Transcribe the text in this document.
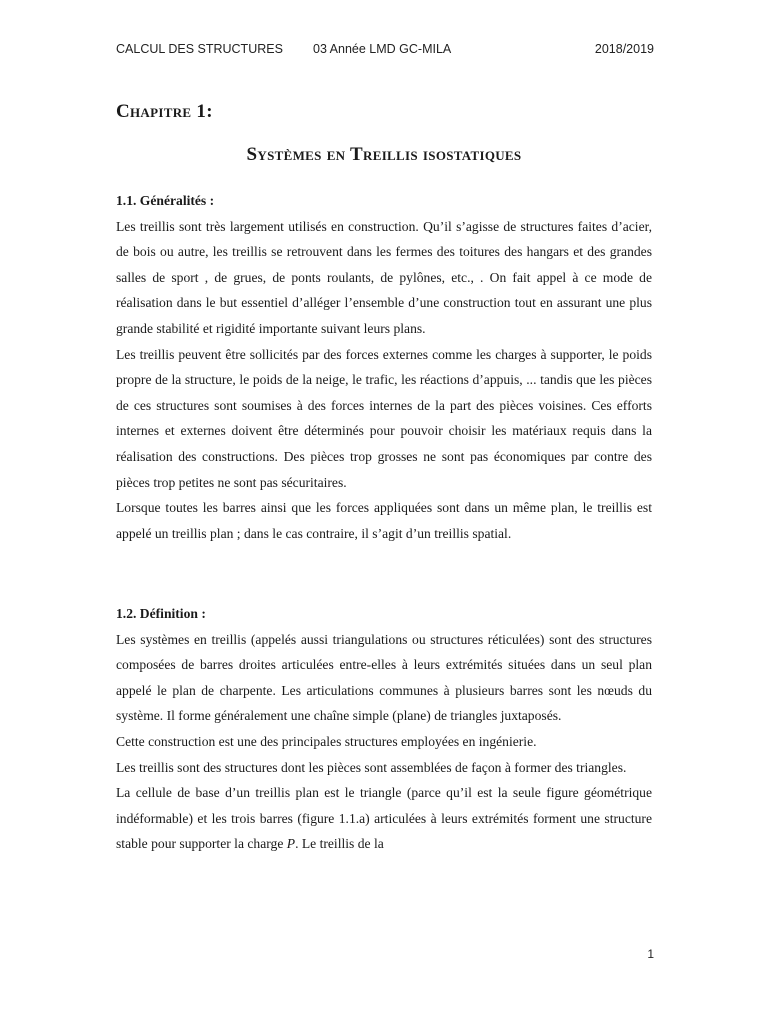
CALCUL DES STRUCTURES 03 Année LMD GC-MILA	2018/2019
Chapitre 1:
Systèmes en Treillis isostatiques
1.1. Généralités :

Les treillis sont très largement utilisés en construction. Qu’il s’agisse de structures faites d’acier, de bois ou autre, les treillis se retrouvent dans les fermes des toitures des hangars et des grandes salles de sport , de grues, de ponts roulants, de pylônes, etc., . On fait appel à ce mode de réalisation dans le but essentiel d’alléger l’ensemble d’une construction tout en assurant une plus grande stabilité et rigidité importante suivant leurs plans.

Les treillis peuvent être sollicités par des forces externes comme les charges à supporter, le poids propre de la structure, le poids de la neige, le trafic, les réactions d’appuis, ... tandis que les pièces de ces structures sont soumises à des forces internes de la part des pièces voisines. Ces efforts internes et externes doivent être déterminés pour pouvoir choisir les matériaux requis dans la réalisation des constructions. Des pièces trop grosses ne sont pas économiques par contre des pièces trop petites ne sont pas sécuritaires.

Lorsque toutes les barres ainsi que les forces appliquées sont dans un même plan, le treillis est appelé un treillis plan ; dans le cas contraire, il s’agit d’un treillis spatial.

1.2. Définition :

Les systèmes en treillis (appelés aussi triangulations ou structures réticulées) sont des structures composées de barres droites articulées entre-elles à leurs extrémités situées dans un seul plan appelé le plan de charpente. Les articulations communes à plusieurs barres sont les nœuds du système. Il forme généralement une chaîne simple (plane) de triangles juxtaposés.

Cette construction est une des principales structures employées en ingénierie.

Les treillis sont des structures dont les pièces sont assemblées de façon à former des triangles.

La cellule de base d’un treillis plan est le triangle (parce qu’il est la seule figure géométrique indéformable) et les trois barres (figure 1.1.a) articulées à leurs extrémités forment une structure stable pour supporter la charge P. Le treillis de la

1
